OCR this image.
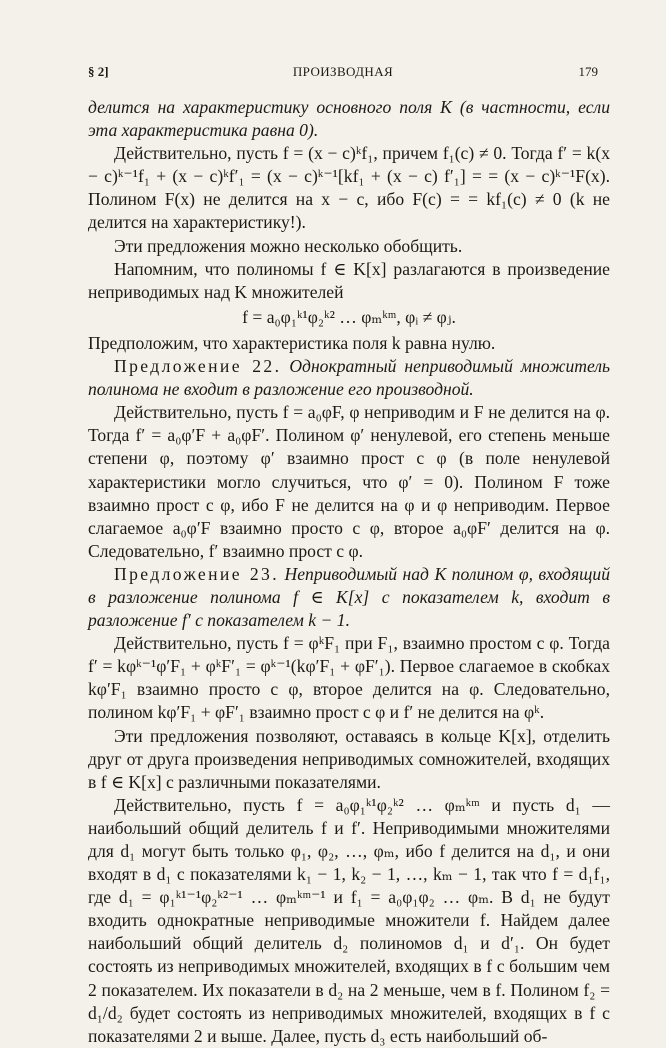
§ 2]	ПРОИЗВОДНАЯ	179

делится на характеристику основного поля K (в частности, если эта характеристика равна 0).

Действительно, пусть f = (x − c)ᵏf₁, причем f₁(c) ≠ 0. Тогда f′ = k(x − c)ᵏ⁻¹f₁ + (x − c)ᵏf′₁ = (x − c)ᵏ⁻¹[kf₁ + (x − c) f′₁] = = (x − c)ᵏ⁻¹F(x). Полином F(x) не делится на x − c, ибо F(c) = = kf₁(c) ≠ 0 (k не делится на характеристику!).

Эти предложения можно несколько обобщить.

Напомним, что полиномы f ∈ K[x] разлагаются в произведение неприводимых над K множителей

f = a₀φ₁ᵏ¹φ₂ᵏ² … φₘᵏᵐ, φᵢ ≠ φⱼ.

Предположим, что характеристика поля k равна нулю.

Предложение 22. Однократный неприводимый множитель полинома не входит в разложение его производной.

Действительно, пусть f = a₀φF, φ неприводим и F не делится на φ. Тогда f′ = a₀φ′F + a₀φF′. Полином φ′ ненулевой, его степень меньше степени φ, поэтому φ′ взаимно прост с φ (в поле ненулевой характеристики могло случиться, что φ′ = 0). Полином F тоже взаимно прост с φ, ибо F не делится на φ и φ неприводим. Первое слагаемое a₀φ′F взаимно просто с φ, второе a₀φF′ делится на φ. Следовательно, f′ взаимно прост с φ.

Предложение 23. Неприводимый над K полином φ, входящий в разложение полинома f ∈ K[x] с показателем k, входит в разложение f′ с показателем k − 1.

Действительно, пусть f = φᵏF₁ при F₁, взаимно простом с φ. Тогда f′ = kφᵏ⁻¹φ′F₁ + φᵏF′₁ = φᵏ⁻¹(kφ′F₁ + φF′₁). Первое слагаемое в скобках kφ′F₁ взаимно просто с φ, второе делится на φ. Следовательно, полином kφ′F₁ + φF′₁ взаимно прост с φ и f′ не делится на φᵏ.

Эти предложения позволяют, оставаясь в кольце K[x], отделить друг от друга произведения неприводимых сомножителей, входящих в f ∈ K[x] с различными показателями.

Действительно, пусть f = a₀φ₁ᵏ¹φ₂ᵏ² … φₘᵏᵐ и пусть d₁ — наибольший общий делитель f и f′. Неприводимыми множителями для d₁ могут быть только φ₁, φ₂, …, φₘ, ибо f делится на d₁, и они входят в d₁ с показателями k₁ − 1, k₂ − 1, …, kₘ − 1, так что f = d₁f₁, где d₁ = φ₁ᵏ¹⁻¹φ₂ᵏ²⁻¹ … φₘᵏᵐ⁻¹ и f₁ = a₀φ₁φ₂ … φₘ. В d₁ не будут входить однократные неприводимые множители f. Найдем далее наибольший общий делитель d₂ полиномов d₁ и d′₁. Он будет состоять из неприводимых множителей, входящих в f с большим чем 2 показателем. Их показатели в d₂ на 2 меньше, чем в f. Полином f₂ = d₁/d₂ будет состоять из неприводимых множителей, входящих в f с показателями 2 и выше. Далее, пусть d₃ есть наибольший об-
